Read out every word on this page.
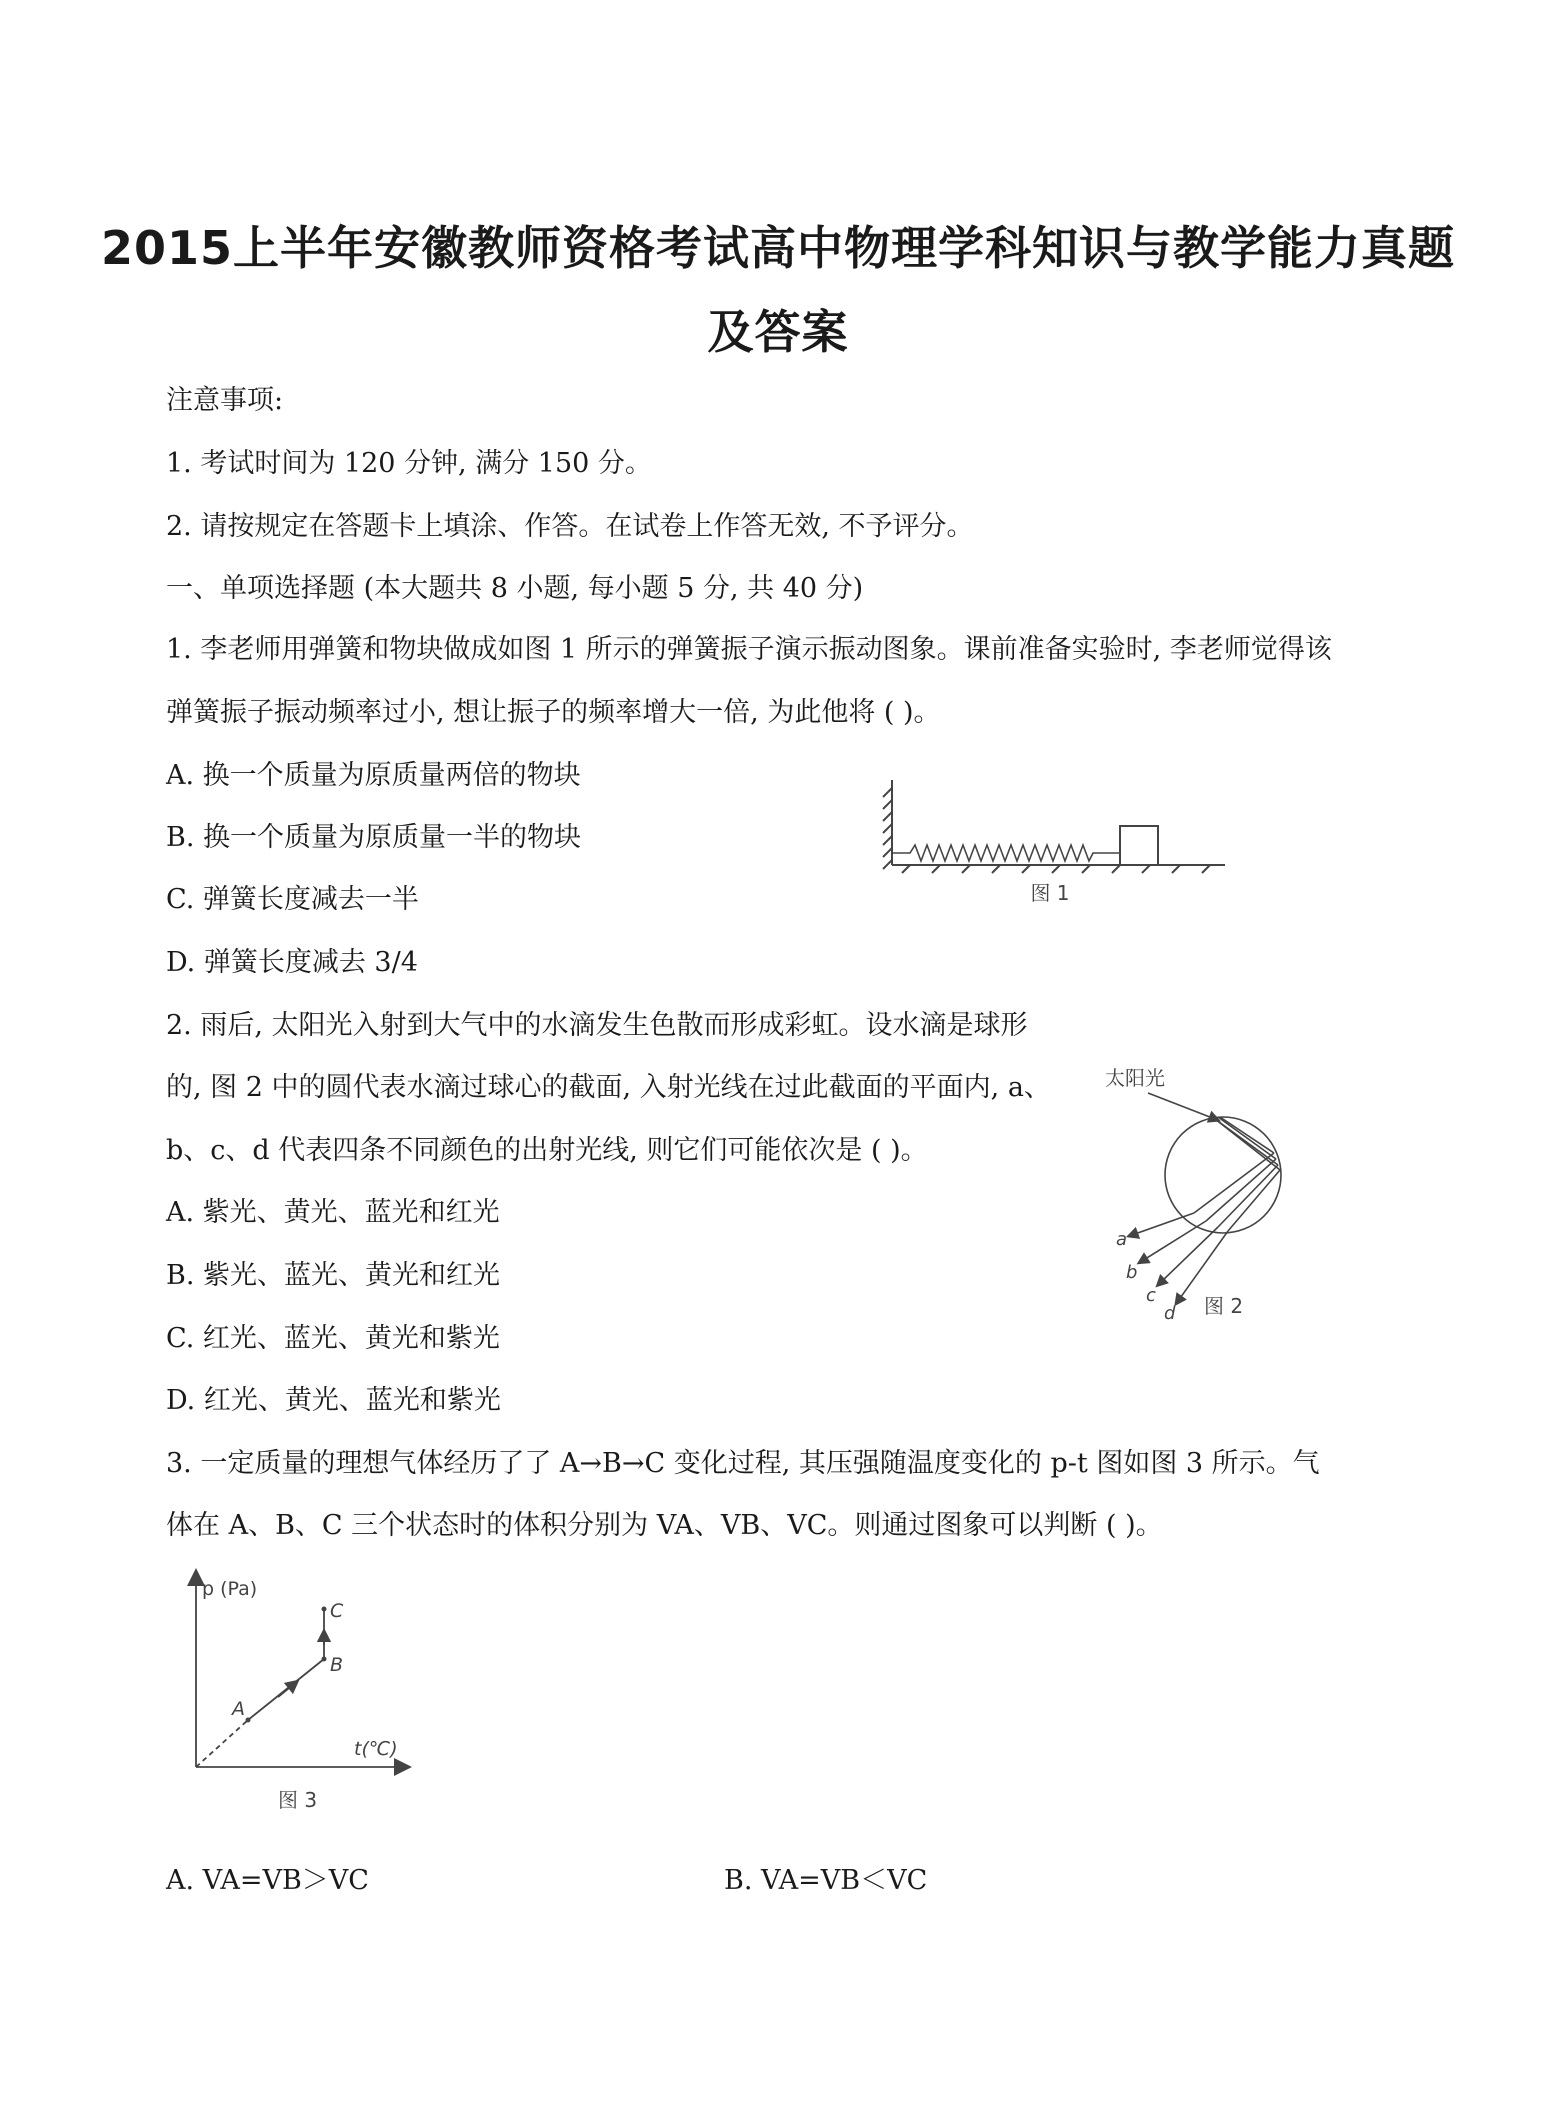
2015上半年安徽教师资格考试高中物理学科知识与教学能力真题
及答案
注意事项:
1. 考试时间为 120 分钟, 满分 150 分。
2. 请按规定在答题卡上填涂、作答。在试卷上作答无效, 不予评分。
一、单项选择题 (本大题共 8 小题, 每小题 5 分, 共 40 分)
1. 李老师用弹簧和物块做成如图 1 所示的弹簧振子演示振动图象。课前准备实验时, 李老师觉得该
弹簧振子振动频率过小, 想让振子的频率增大一倍, 为此他将 ( )。
A. 换一个质量为原质量两倍的物块
B. 换一个质量为原质量一半的物块
C. 弹簧长度减去一半
D. 弹簧长度减去 3/4
图 1
2. 雨后, 太阳光入射到大气中的水滴发生色散而形成彩虹。设水滴是球形
的, 图 2 中的圆代表水滴过球心的截面, 入射光线在过此截面的平面内, a、
b、c、d 代表四条不同颜色的出射光线, 则它们可能依次是 ( )。
A. 紫光、黄光、蓝光和红光
B. 紫光、蓝光、黄光和红光
C. 红光、蓝光、黄光和紫光
D. 红光、黄光、蓝光和紫光
太阳光
a
b
c
d 图 2
3. 一定质量的理想气体经历了了 A→B→C 变化过程, 其压强随温度变化的 p-t 图如图 3 所示。气
体在 A、B、C 三个状态时的体积分别为 VA、VB、VC。则通过图象可以判断 ( )。
p (Pa)
t(℃)
A
B
C
图 3
A. VA=VB＞VC	B. VA=VB＜VC
